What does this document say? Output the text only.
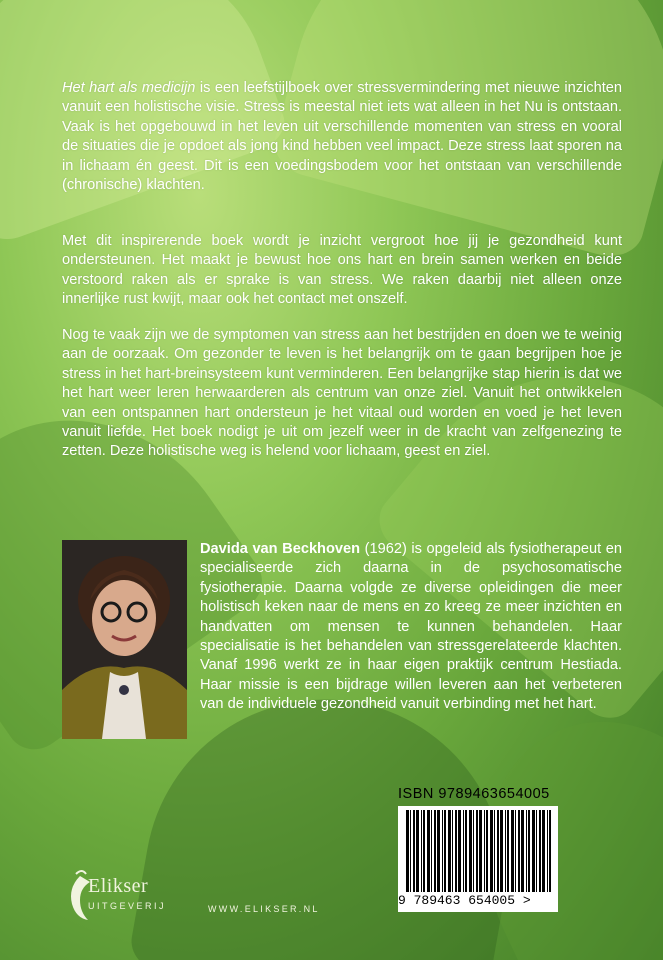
Het hart als medicijn is een leefstijlboek over stressvermindering met nieuwe inzichten vanuit een holistische visie. Stress is meestal niet iets wat alleen in het Nu is ontstaan. Vaak is het opgebouwd in het leven uit verschillende momenten van stress en vooral de situaties die je opdoet als jong kind hebben veel impact. Deze stress laat sporen na in lichaam én geest. Dit is een voedingsbodem voor het ontstaan van verschillende (chronische) klachten.

Met dit inspirerende boek wordt je inzicht vergroot hoe jij je gezondheid kunt ondersteunen. Het maakt je bewust hoe ons hart en brein samen werken en beide verstoord raken als er sprake is van stress. We raken daarbij niet alleen onze innerlijke rust kwijt, maar ook het contact met onszelf.

Nog te vaak zijn we de symptomen van stress aan het bestrijden en doen we te weinig aan de oorzaak. Om gezonder te leven is het belangrijk om te gaan begrijpen hoe je stress in het hart-breinsysteem kunt verminderen. Een belangrijke stap hierin is dat we het hart weer leren herwaarderen als centrum van onze ziel. Vanuit het ontwikkelen van een ontspannen hart ondersteun je het vitaal oud worden en voed je het leven vanuit liefde. Het boek nodigt je uit om jezelf weer in de kracht van zelfgenezing te zetten. Deze holistische weg is helend voor lichaam, geest en ziel.

Davida van Beckhoven (1962) is opgeleid als fysiotherapeut en specialiseerde zich daarna in de psychosomatische fysiotherapie. Daarna volgde ze diverse opleidingen die meer holistisch keken naar de mens en zo kreeg ze meer inzichten en handvatten om mensen te kunnen behandelen. Haar specialisatie is het behandelen van stressgerelateerde klachten. Vanaf 1996 werkt ze in haar eigen praktijk centrum Hestiada. Haar missie is een bijdrage willen leveren aan het verbeteren van de individuele gezondheid vanuit verbinding met het hart.
ISBN 9789463654005
9 789463 654005 >
Elikser
UITGEVERIJ	WWW.ELIKSER.NL
